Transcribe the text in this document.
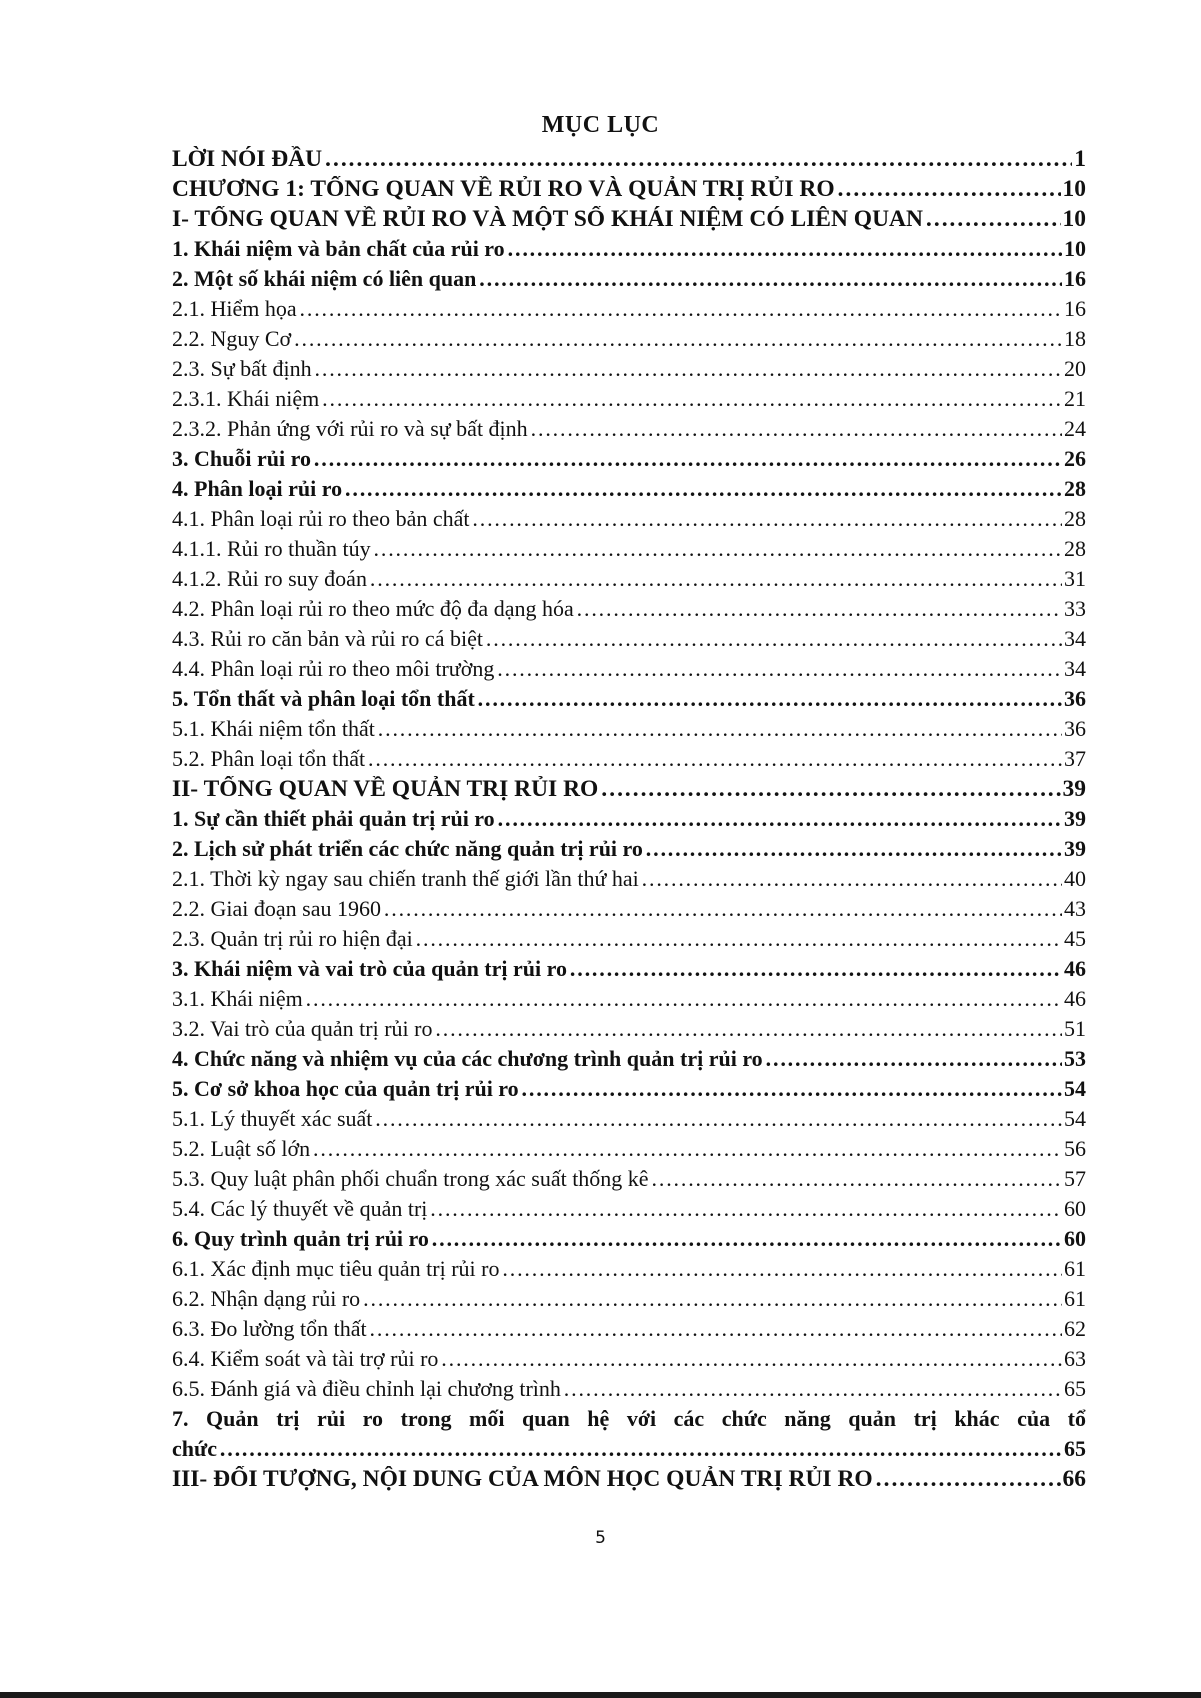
MỤC LỤC
LỜI NÓI ĐẦU …………………………………………………………………………………………………………………………………………………………………………………………………………………………	1
CHƯƠNG 1: TỔNG QUAN VỀ RỦI RO VÀ QUẢN TRỊ RỦI RO …………………………………………………………………………………………………………………………………………………………………………………………………………………………	10
I- TỔNG QUAN VỀ RỦI RO VÀ MỘT SỐ KHÁI NIỆM CÓ LIÊN QUAN …………………………………………………………………………………………………………………………………………………………………………………………………………………………	10
1. Khái niệm và bản chất của rủi ro …………………………………………………………………………………………………………………………………………………………………………………………………………………………	10
2. Một số khái niệm có liên quan …………………………………………………………………………………………………………………………………………………………………………………………………………………………	16
2.1. Hiểm họa …………………………………………………………………………………………………………………………………………………………………………………………………………………………	16
2.2. Nguy Cơ …………………………………………………………………………………………………………………………………………………………………………………………………………………………	18
2.3. Sự bất định …………………………………………………………………………………………………………………………………………………………………………………………………………………………	20
2.3.1. Khái niệm …………………………………………………………………………………………………………………………………………………………………………………………………………………………	21
2.3.2. Phản ứng với rủi ro và sự bất định …………………………………………………………………………………………………………………………………………………………………………………………………………………………	24
3. Chuỗi rủi ro …………………………………………………………………………………………………………………………………………………………………………………………………………………………	26
4. Phân loại rủi ro …………………………………………………………………………………………………………………………………………………………………………………………………………………………	28
4.1. Phân loại rủi ro theo bản chất …………………………………………………………………………………………………………………………………………………………………………………………………………………………	28
4.1.1. Rủi ro thuần túy …………………………………………………………………………………………………………………………………………………………………………………………………………………………	28
4.1.2. Rủi ro suy đoán …………………………………………………………………………………………………………………………………………………………………………………………………………………………	31
4.2. Phân loại rủi ro theo mức độ đa dạng hóa …………………………………………………………………………………………………………………………………………………………………………………………………………………………	33
4.3. Rủi ro căn bản và rủi ro cá biệt …………………………………………………………………………………………………………………………………………………………………………………………………………………………	34
4.4. Phân loại rủi ro theo môi trường …………………………………………………………………………………………………………………………………………………………………………………………………………………………	34
5. Tổn thất và phân loại tổn thất …………………………………………………………………………………………………………………………………………………………………………………………………………………………	36
5.1. Khái niệm tổn thất …………………………………………………………………………………………………………………………………………………………………………………………………………………………	36
5.2. Phân loại tổn thất …………………………………………………………………………………………………………………………………………………………………………………………………………………………	37
II- TỔNG QUAN VỀ QUẢN TRỊ RỦI RO …………………………………………………………………………………………………………………………………………………………………………………………………………………………	39
1. Sự cần thiết phải quản trị rủi ro …………………………………………………………………………………………………………………………………………………………………………………………………………………………	39
2. Lịch sử phát triển các chức năng quản trị rủi ro …………………………………………………………………………………………………………………………………………………………………………………………………………………………	39
2.1. Thời kỳ ngay sau chiến tranh thế giới lần thứ hai …………………………………………………………………………………………………………………………………………………………………………………………………………………………	40
2.2. Giai đoạn sau 1960 …………………………………………………………………………………………………………………………………………………………………………………………………………………………	43
2.3. Quản trị rủi ro hiện đại …………………………………………………………………………………………………………………………………………………………………………………………………………………………	45
3. Khái niệm và vai trò của quản trị rủi ro …………………………………………………………………………………………………………………………………………………………………………………………………………………………	46
3.1. Khái niệm …………………………………………………………………………………………………………………………………………………………………………………………………………………………	46
3.2. Vai trò của quản trị rủi ro …………………………………………………………………………………………………………………………………………………………………………………………………………………………	51
4. Chức năng và nhiệm vụ của các chương trình quản trị rủi ro …………………………………………………………………………………………………………………………………………………………………………………………………………………………	53
5. Cơ sở khoa học của quản trị rủi ro …………………………………………………………………………………………………………………………………………………………………………………………………………………………	54
5.1. Lý thuyết xác suất …………………………………………………………………………………………………………………………………………………………………………………………………………………………	54
5.2. Luật số lớn …………………………………………………………………………………………………………………………………………………………………………………………………………………………	56
5.3. Quy luật phân phối chuẩn trong xác suất thống kê …………………………………………………………………………………………………………………………………………………………………………………………………………………………	57
5.4. Các lý thuyết về quản trị …………………………………………………………………………………………………………………………………………………………………………………………………………………………	60
6. Quy trình quản trị rủi ro …………………………………………………………………………………………………………………………………………………………………………………………………………………………	60
6.1. Xác định mục tiêu quản trị rủi ro …………………………………………………………………………………………………………………………………………………………………………………………………………………………	61
6.2. Nhận dạng rủi ro …………………………………………………………………………………………………………………………………………………………………………………………………………………………	61
6.3. Đo lường tổn thất …………………………………………………………………………………………………………………………………………………………………………………………………………………………	62
6.4. Kiểm soát và tài trợ rủi ro …………………………………………………………………………………………………………………………………………………………………………………………………………………………	63
6.5. Đánh giá và điều chỉnh lại chương trình …………………………………………………………………………………………………………………………………………………………………………………………………………………………	65
7. Quản trị rủi ro trong mối quan hệ với các chức năng quản trị khác của tổ
chức …………………………………………………………………………………………………………………………………………………………………………………………………………………………	65
III- ĐỐI TƯỢNG, NỘI DUNG CỦA MÔN HỌC QUẢN TRỊ RỦI RO …………………………………………………………………………………………………………………………………………………………………………………………………………………………	66
5
